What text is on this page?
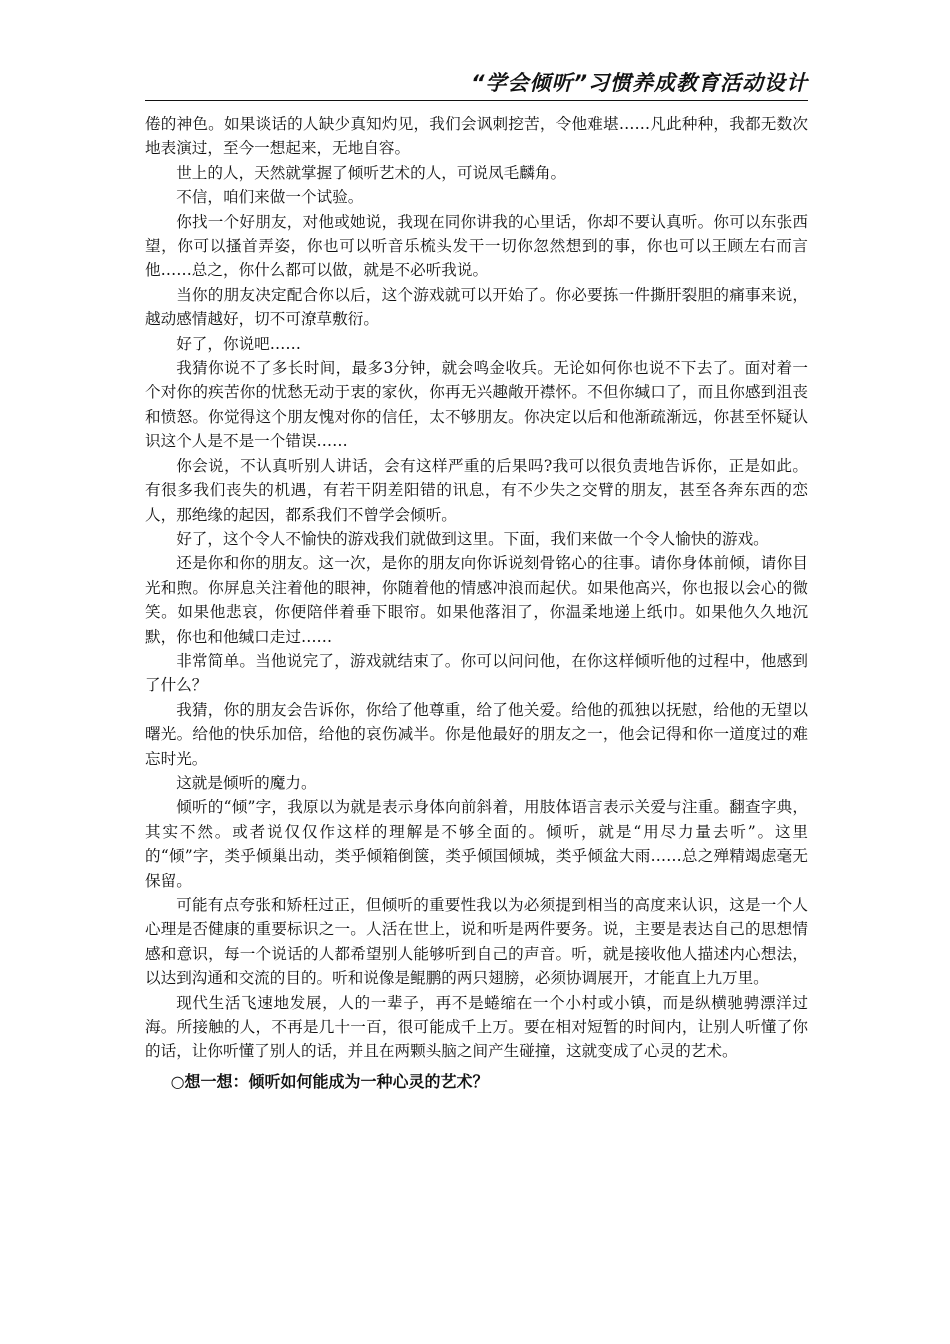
“学会倾听”习惯养成教育活动设计

倦的神色。如果谈话的人缺少真知灼见，我们会讽刺挖苦，令他难堪……凡此种种，我都无数次地表演过，至今一想起来，无地自容。

世上的人，天然就掌握了倾听艺术的人，可说凤毛麟角。

不信，咱们来做一个试验。

你找一个好朋友，对他或她说，我现在同你讲我的心里话，你却不要认真听。你可以东张西望，你可以搔首弄姿，你也可以听音乐梳头发干一切你忽然想到的事，你也可以王顾左右而言他……总之，你什么都可以做，就是不必听我说。

当你的朋友决定配合你以后，这个游戏就可以开始了。你必要拣一件撕肝裂胆的痛事来说，越动感情越好，切不可潦草敷衍。

好了，你说吧……

我猜你说不了多长时间，最多3分钟，就会鸣金收兵。无论如何你也说不下去了。面对着一个对你的疾苦你的忧愁无动于衷的家伙，你再无兴趣敞开襟怀。不但你缄口了，而且你感到沮丧和愤怒。你觉得这个朋友愧对你的信任，太不够朋友。你决定以后和他渐疏渐远，你甚至怀疑认识这个人是不是一个错误……

你会说，不认真听别人讲话，会有这样严重的后果吗?我可以很负责地告诉你，正是如此。有很多我们丧失的机遇，有若干阴差阳错的讯息，有不少失之交臂的朋友，甚至各奔东西的恋人，那绝缘的起因，都系我们不曾学会倾听。

好了，这个令人不愉快的游戏我们就做到这里。下面，我们来做一个令人愉快的游戏。

还是你和你的朋友。这一次，是你的朋友向你诉说刻骨铭心的往事。请你身体前倾，请你目光和煦。你屏息关注着他的眼神，你随着他的情感冲浪而起伏。如果他高兴，你也报以会心的微笑。如果他悲哀，你便陪伴着垂下眼帘。如果他落泪了，你温柔地递上纸巾。如果他久久地沉默，你也和他缄口走过……

非常简单。当他说完了，游戏就结束了。你可以问问他，在你这样倾听他的过程中，他感到了什么？

我猜，你的朋友会告诉你，你给了他尊重，给了他关爱。给他的孤独以抚慰，给他的无望以曙光。给他的快乐加倍，给他的哀伤减半。你是他最好的朋友之一，他会记得和你一道度过的难忘时光。

这就是倾听的魔力。

倾听的“倾”字，我原以为就是表示身体向前斜着，用肢体语言表示关爱与注重。翻查字典，其实不然。或者说仅仅作这样的理解是不够全面的。倾听，就是“用尽力量去听”。这里的“倾”字，类乎倾巢出动，类乎倾箱倒箧，类乎倾国倾城，类乎倾盆大雨……总之殚精竭虑毫无保留。

可能有点夸张和矫枉过正，但倾听的重要性我以为必须提到相当的高度来认识，这是一个人心理是否健康的重要标识之一。人活在世上，说和听是两件要务。说，主要是表达自己的思想情感和意识，每一个说话的人都希望别人能够听到自己的声音。听，就是接收他人描述内心想法，以达到沟通和交流的目的。听和说像是鲲鹏的两只翅膀，必须协调展开，才能直上九万里。

现代生活飞速地发展，人的一辈子，再不是蜷缩在一个小村或小镇，而是纵横驰骋漂洋过海。所接触的人，不再是几十一百，很可能成千上万。要在相对短暂的时间内，让别人听懂了你的话，让你听懂了别人的话，并且在两颗头脑之间产生碰撞，这就变成了心灵的艺术。

○想一想：倾听如何能成为一种心灵的艺术？
